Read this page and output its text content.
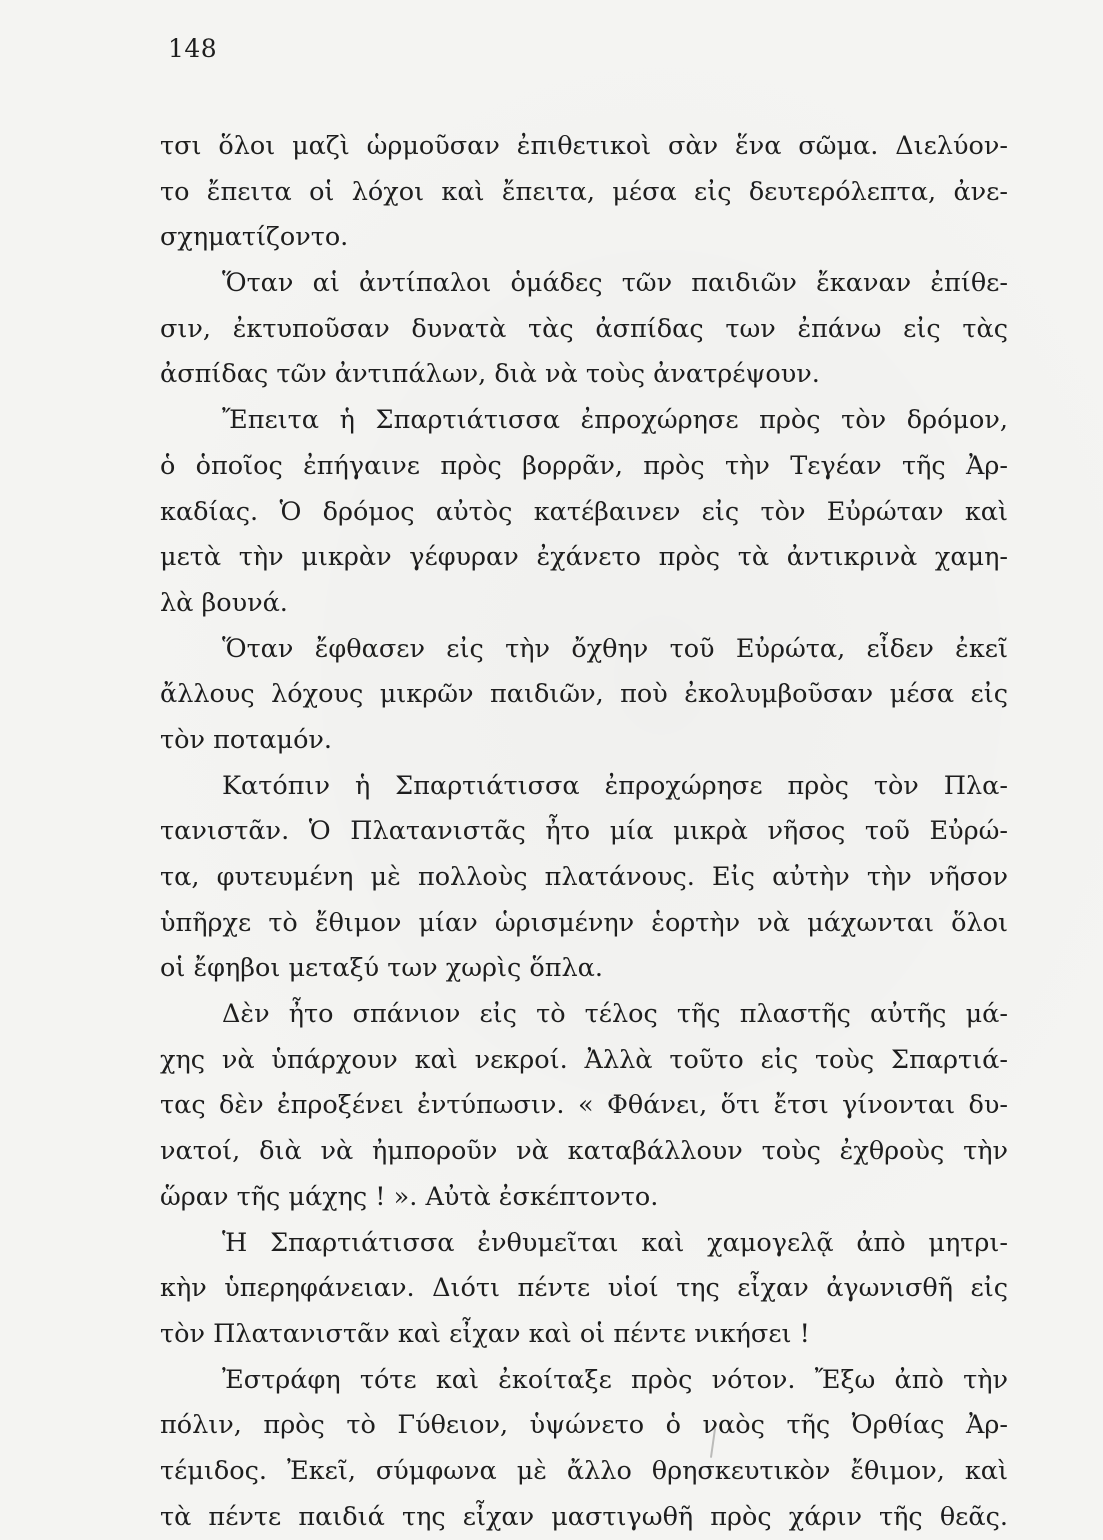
148
τσι ὅλοι μαζὶ ὡρμοῦσαν ἐπιθετικοὶ σὰν ἕνα σῶμα. Διελύον-
το ἔπειτα οἱ λόχοι καὶ ἔπειτα, μέσα εἰς δευτερόλεπτα, ἀνε-
σχηματίζοντο.
Ὅταν αἱ ἀντίπαλοι ὁμάδες τῶν παιδιῶν ἔκαναν ἐπίθε-
σιν, ἐκτυποῦσαν δυνατὰ τὰς ἀσπίδας των ἐπάνω εἰς τὰς
ἀσπίδας τῶν ἀντιπάλων, διὰ νὰ τοὺς ἀνατρέψουν.
Ἔπειτα ἡ Σπαρτιάτισσα ἐπροχώρησε πρὸς τὸν δρόμον,
ὁ ὁποῖος ἐπήγαινε πρὸς βορρᾶν, πρὸς τὴν Τεγέαν τῆς Ἀρ-
καδίας. Ὁ δρόμος αὐτὸς κατέβαινεν εἰς τὸν Εὐρώταν καὶ
μετὰ τὴν μικρὰν γέφυραν ἐχάνετο πρὸς τὰ ἀντικρινὰ χαμη-
λὰ βουνά.
Ὅταν ἔφθασεν εἰς τὴν ὄχθην τοῦ Εὐρώτα, εἶδεν ἐκεῖ
ἄλλους λόχους μικρῶν παιδιῶν, ποὺ ἐκολυμβοῦσαν μέσα εἰς
τὸν ποταμόν.
Κατόπιν ἡ Σπαρτιάτισσα ἐπροχώρησε πρὸς τὸν Πλα-
τανιστᾶν. Ὁ Πλατανιστᾶς ἦτο μία μικρὰ νῆσος τοῦ Εὐρώ-
τα, φυτευμένη μὲ πολλοὺς πλατάνους. Εἰς αὐτὴν τὴν νῆσον
ὑπῆρχε τὸ ἔθιμον μίαν ὡρισμένην ἑορτὴν νὰ μάχωνται ὅλοι
οἱ ἔφηβοι μεταξύ των χωρὶς ὅπλα.
Δὲν ἦτο σπάνιον εἰς τὸ τέλος τῆς πλαστῆς αὐτῆς μά-
χης νὰ ὑπάρχουν καὶ νεκροί. Ἀλλὰ τοῦτο εἰς τοὺς Σπαρτιά-
τας δὲν ἐπροξένει ἐντύπωσιν. « Φθάνει, ὅτι ἔτσι γίνονται δυ-
νατοί, διὰ νὰ ἠμποροῦν νὰ καταβάλλουν τοὺς ἐχθροὺς τὴν
ὥραν τῆς μάχης ! ». Αὐτὰ ἐσκέπτοντο.
Ἡ Σπαρτιάτισσα ἐνθυμεῖται καὶ χαμογελᾷ ἀπὸ μητρι-
κὴν ὑπερηφάνειαν. Διότι πέντε υἱοί της εἶχαν ἀγωνισθῆ εἰς
τὸν Πλατανιστᾶν καὶ εἶχαν καὶ οἱ πέντε νικήσει !
Ἐστράφη τότε καὶ ἐκοίταξε πρὸς νότον. Ἔξω ἀπὸ τὴν
πόλιν, πρὸς τὸ Γύθειον, ὑψώνετο ὁ ναὸς τῆς Ὀρθίας Ἀρ-
τέμιδος. Ἐκεῖ, σύμφωνα μὲ ἄλλο θρησκευτικὸν ἔθιμον, καὶ
τὰ πέντε παιδιά της εἶχαν μαστιγωθῆ πρὸς χάριν τῆς θεᾶς.
